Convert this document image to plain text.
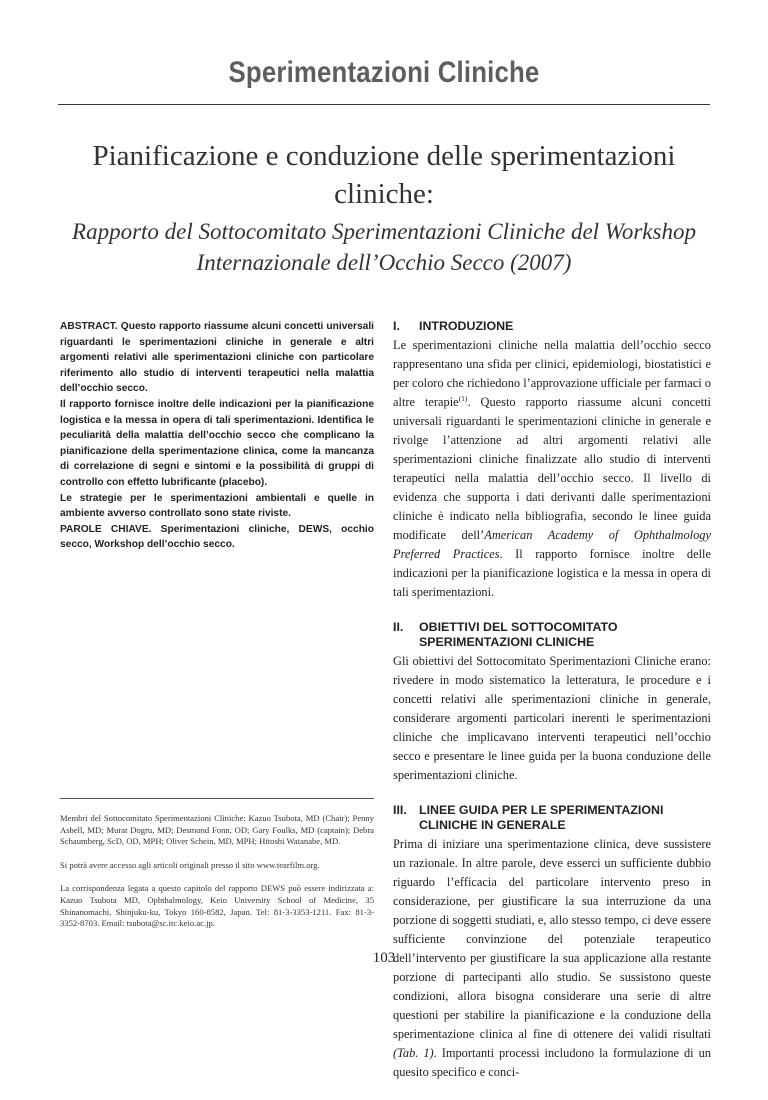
Sperimentazioni Cliniche
Pianificazione e conduzione delle sperimentazioni cliniche:
Rapporto del Sottocomitato Sperimentazioni Cliniche del Workshop Internazionale dell’Occhio Secco (2007)

ABSTRACT. Questo rapporto riassume alcuni concetti universali riguardanti le sperimentazioni cliniche in generale e altri argomenti relativi alle sperimentazioni cliniche con particolare riferimento allo studio di interventi terapeutici nella malattia dell’occhio secco.

Il rapporto fornisce inoltre delle indicazioni per la pianificazione logistica e la messa in opera di tali sperimentazioni. Identifica le peculiarità della malattia dell’occhio secco che complicano la pianificazione della sperimentazione clinica, come la mancanza di correlazione di segni e sintomi e la possibilità di gruppi di controllo con effetto lubrificante (placebo).

Le strategie per le sperimentazioni ambientali e quelle in ambiente avverso controllato sono state riviste.

PAROLE CHIAVE. Sperimentazioni cliniche, DEWS, occhio secco, Workshop dell’occhio secco.

Membri del Sottocomitato Sperimentazioni Cliniche: Kazuo Tsubota, MD (Chair); Penny Asbell, MD; Murat Dogru, MD; Desmond Fonn, OD; Gary Foulks, MD (captain); Debra Schaumberg, ScD, OD, MPH; Oliver Schein, MD, MPH; Hitoshi Watanabe, MD.

Si potrà avere accesso agli articoli originali presso il sito www.tearfilm.org.

La corrispondenza legata a questo capitolo del rapporto DEWS può essere indirizzata a: Kazuo Tsubota MD, Ophthalmology, Keio University School of Medicine, 35 Shinanomachi, Shinjuku-ku, Tokyo 160-8582, Japan. Tel: 81-3-3353-1211. Fax: 81-3-3352-8703. Email: tsubota@sc.itc.keio.ac.jp.

I.	INTRODUZIONE

Le sperimentazioni cliniche nella malattia dell’occhio secco rappresentano una sfida per clinici, epidemiologi, biostatistici e per coloro che richiedono l’approvazione ufficiale per farmaci o altre terapie$^{(1)}$. Questo rapporto riassume alcuni concetti universali riguardanti le sperimentazioni cliniche in generale e rivolge l’attenzione ad altri argomenti relativi alle sperimentazioni cliniche finalizzate allo studio di interventi terapeutici nella malattia dell’occhio secco. Il livello di evidenza che supporta i dati derivanti dalle sperimentazioni cliniche è indicato nella bibliografia, secondo le linee guida modificate dell’American Academy of Ophthalmology Preferred Practices. Il rapporto fornisce inoltre delle indicazioni per la pianificazione logistica e la messa in opera di tali sperimentazioni.

II.	OBIETTIVI DEL SOTTOCOMITATO SPERIMENTAZIONI CLINICHE

Gli obiettivi del Sottocomitato Sperimentazioni Cliniche erano: rivedere in modo sistematico la letteratura, le procedure e i concetti relativi alle sperimentazioni cliniche in generale, considerare argomenti particolari inerenti le sperimentazioni cliniche che implicavano interventi terapeutici nell’occhio secco e presentare le linee guida per la buona conduzione delle sperimentazioni cliniche.

III. LINEE GUIDA PER LE SPERIMENTAZIONI CLINICHE IN GENERALE

Prima di iniziare una sperimentazione clinica, deve sussistere un razionale. In altre parole, deve esserci un sufficiente dubbio riguardo l’efficacia del particolare intervento preso in considerazione, per giustificare la sua interruzione da una porzione di soggetti studiati, e, allo stesso tempo, ci deve essere sufficiente convinzione del potenziale terapeutico dell’intervento per giustificare la sua applicazione alla restante porzione di partecipanti allo studio. Se sussistono queste condizioni, allora bisogna considerare una serie di altre questioni per stabilire la pianificazione e la conduzione della sperimentazione clinica al fine di ottenere dei validi risultati (Tab. 1). Importanti processi includono la formulazione di un quesito specifico e conci-

103
